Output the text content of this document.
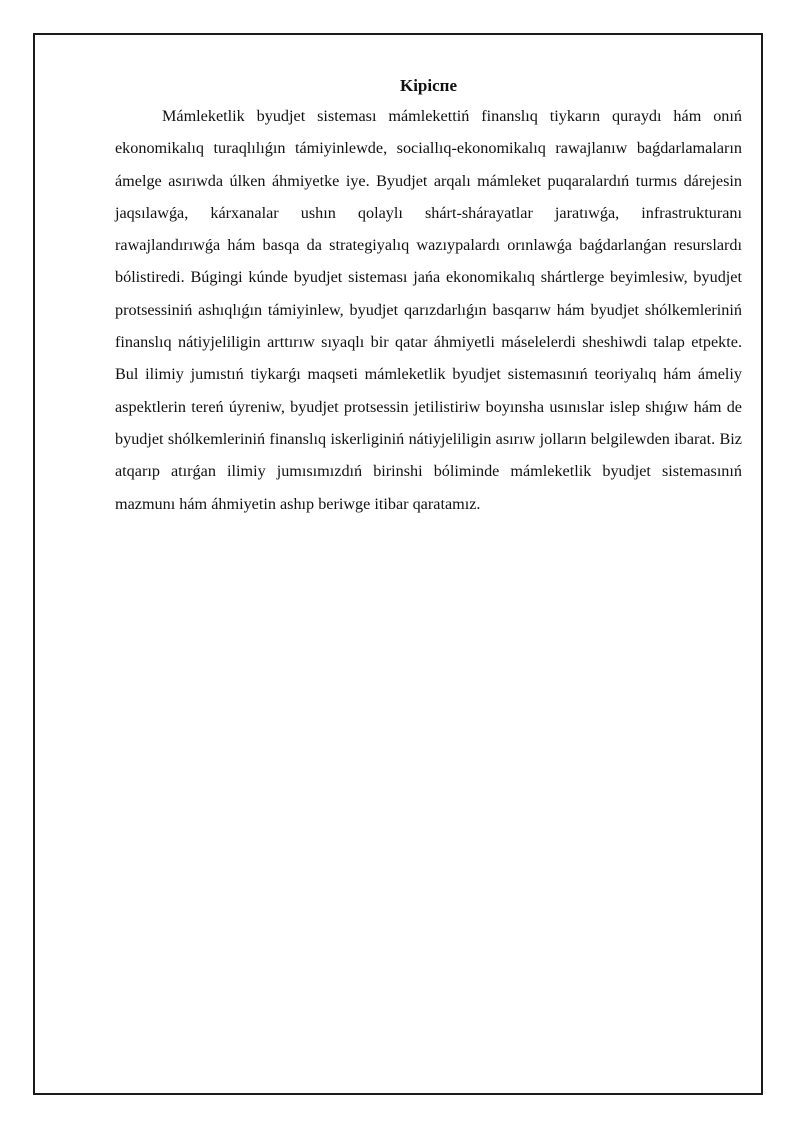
Kipicпe

Mámleketlik byudjet sisteması mámlekettiń finanslıq tiykarın quraydı hám onıń ekonomikalıq turaqlılıǵın támiyinlewde, sociallıq-ekonomikalıq rawajlanıw baǵdarlamaların ámelge asırıwda úlken áhmiyetke iye. Byudjet arqalı mámleket puqaralardıń turmıs dárejesin jaqsılawǵa, kárxanalar ushın qolaylı shárt-shárayatlar jaratıwǵa, infrastrukturanı rawajlandırıwǵa hám basqa da strategiyalıq wazıypalardı orınlawǵa baǵdarlanǵan resurslardı bólistiredi. Búgingi kúnde byudjet sisteması jańa ekonomikalıq shártlerge beyimlesiw, byudjet protsessiniń ashıqlıǵın támiyinlew, byudjet qarızdarlıǵın basqarıw hám byudjet shólkemleriniń finanslıq nátiyjeliligin arttırıw sıyaqlı bir qatar áhmiyetli máselelerdi sheshiwdi talap etpekte. Bul ilimiy jumıstıń tiykarǵı maqseti mámleketlik byudjet sistemasınıń teoriyalıq hám ámeliy aspektlerin tereń úyreniw, byudjet protsessin jetilistiriw boyınsha usınıslar islep shıǵıw hám de byudjet shólkemleriniń finanslıq iskerliginiń nátiyjeliligin asırıw jolların belgilewden ibarat. Biz atqarıp atırǵan ilimiy jumısımızdıń birinshi bóliminde mámleketlik byudjet sistemasınıń mazmunı hám áhmiyetin ashıp beriwge itibar qaratamız.
